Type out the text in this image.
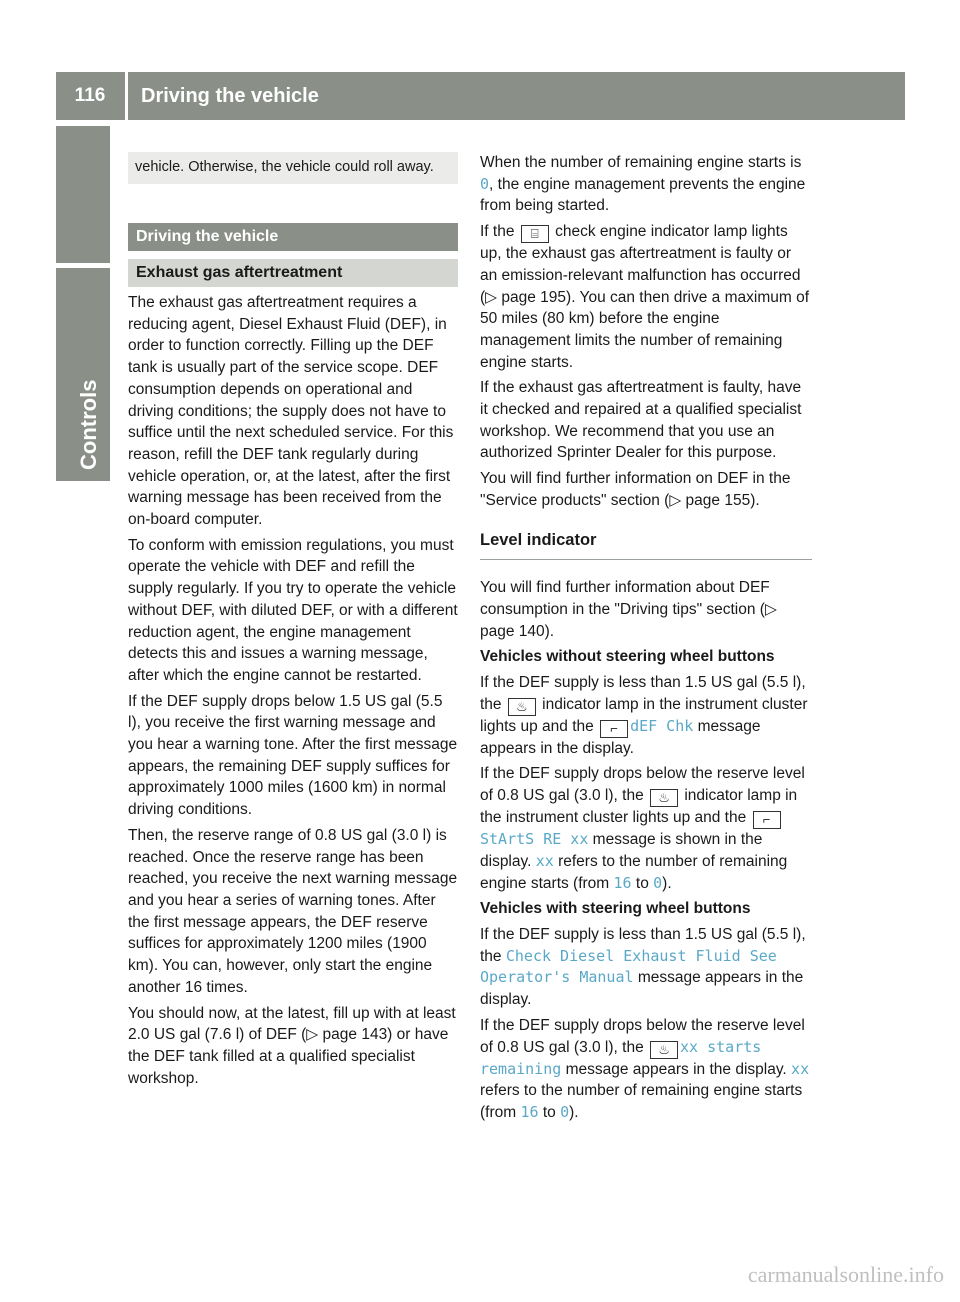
116	Driving the vehicle
Controls
vehicle. Otherwise, the vehicle could roll away.
Driving the vehicle
Exhaust gas aftertreatment

The exhaust gas aftertreatment requires a reducing agent, Diesel Exhaust Fluid (DEF), in order to function correctly. Filling up the DEF tank is usually part of the service scope. DEF consumption depends on operational and driving conditions; the supply does not have to suffice until the next scheduled service. For this reason, refill the DEF tank regularly during vehicle operation, or, at the latest, after the first warning message has been received from the on-board computer.

To conform with emission regulations, you must operate the vehicle with DEF and refill the supply regularly. If you try to operate the vehicle without DEF, with diluted DEF, or with a different reduction agent, the engine management detects this and issues a warning message, after which the engine cannot be restarted.

If the DEF supply drops below 1.5 US gal (5.5 l), you receive the first warning message and you hear a warning tone. After the first message appears, the remaining DEF supply suffices for approximately 1000 miles (1600 km) in normal driving conditions.

Then, the reserve range of 0.8 US gal (3.0 l) is reached. Once the reserve range has been reached, you receive the next warning message and you hear a series of warning tones. After the first message appears, the DEF reserve suffices for approximately 1200 miles (1900 km). You can, however, only start the engine another 16 times.

You should now, at the latest, fill up with at least 2.0 US gal (7.6 l) of DEF (▷ page 143) or have the DEF tank filled at a qualified specialist workshop.

When the number of remaining engine starts is 0, the engine management prevents the engine from being started.

If the ⌸ check engine indicator lamp lights up, the exhaust gas aftertreatment is faulty or an emission-relevant malfunction has occurred (▷ page 195). You can then drive a maximum of 50 miles (80 km) before the engine management limits the number of remaining engine starts.

If the exhaust gas aftertreatment is faulty, have it checked and repaired at a qualified specialist workshop. We recommend that you use an authorized Sprinter Dealer for this purpose.

You will find further information on DEF in the "Service products" section (▷ page 155).

Level indicator

You will find further information about DEF consumption in the "Driving tips" section (▷ page 140).

Vehicles without steering wheel buttons

If the DEF supply is less than 1.5 US gal (5.5 l), the ♨ indicator lamp in the instrument cluster lights up and the ⌐ dEF Chk message appears in the display.

If the DEF supply drops below the reserve level of 0.8 US gal (3.0 l), the ♨ indicator lamp in the instrument cluster lights up and the ⌐StArtS RE xx message is shown in the display. xx refers to the number of remaining engine starts (from 16 to 0).

Vehicles with steering wheel buttons

If the DEF supply is less than 1.5 US gal (5.5 l), the Check Diesel Exhaust Fluid See Operator's Manual message appears in the display.

If the DEF supply drops below the reserve level of 0.8 US gal (3.0 l), the ♨ xx starts remaining message appears in the display. xx refers to the number of remaining engine starts (from 16 to 0).

carmanualsonline.info
